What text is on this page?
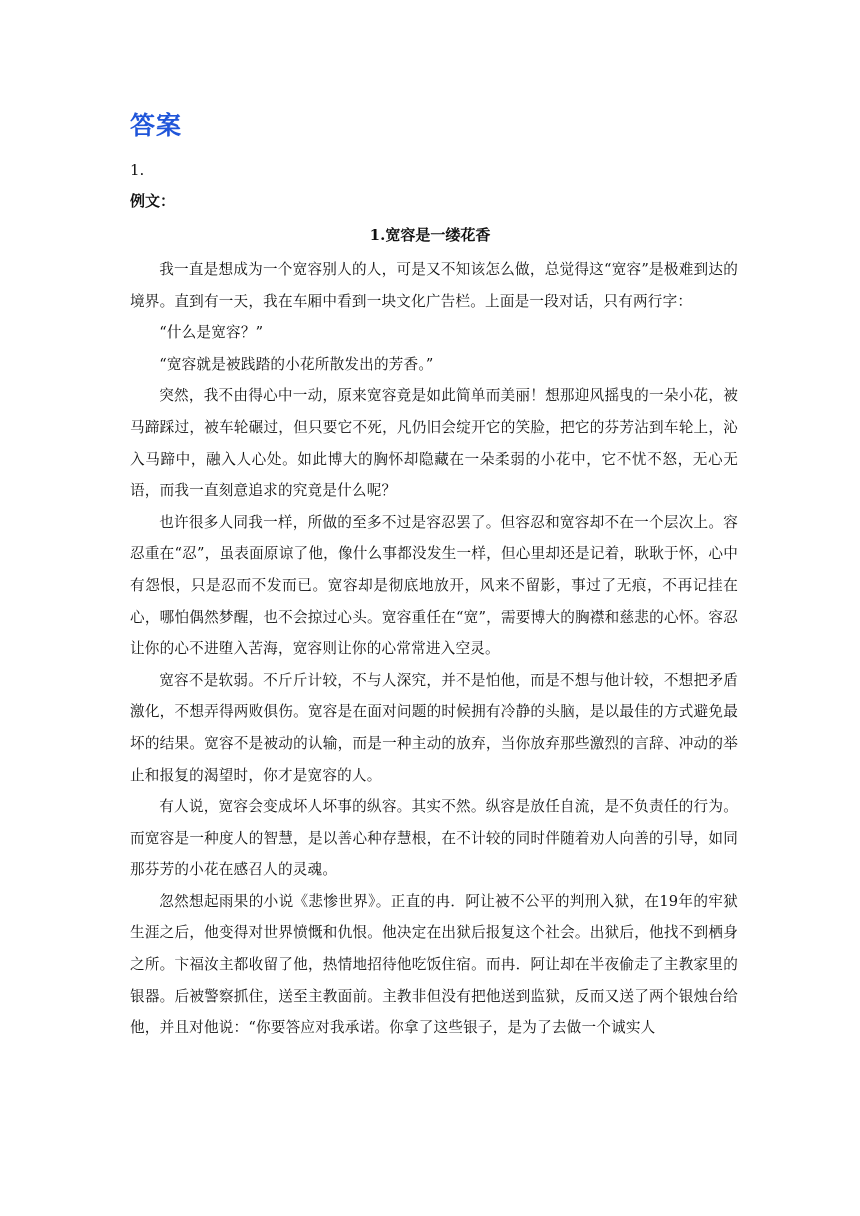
答案
1.
例文：
1.宽容是一缕花香

我一直是想成为一个宽容别人的人，可是又不知该怎么做，总觉得这“宽容”是极难到达的境界。直到有一天，我在车厢中看到一块文化广告栏。上面是一段对话，只有两行字：

“什么是宽容？”

“宽容就是被践踏的小花所散发出的芳香。”

突然，我不由得心中一动，原来宽容竟是如此简单而美丽！想那迎风摇曳的一朵小花，被马蹄踩过，被车轮碾过，但只要它不死，凡仍旧会绽开它的笑脸，把它的芬芳沾到车轮上，沁入马蹄中，融入人心处。如此博大的胸怀却隐藏在一朵柔弱的小花中，它不忧不怒，无心无语，而我一直刻意追求的究竟是什么呢？

也许很多人同我一样，所做的至多不过是容忍罢了。但容忍和宽容却不在一个层次上。容忍重在“忍”，虽表面原谅了他，像什么事都没发生一样，但心里却还是记着，耿耿于怀，心中有怨恨，只是忍而不发而已。宽容却是彻底地放开，风来不留影，事过了无痕，不再记挂在心，哪怕偶然梦醒，也不会掠过心头。宽容重任在“宽”，需要博大的胸襟和慈悲的心怀。容忍让你的心不进堕入苦海，宽容则让你的心常常进入空灵。

宽容不是软弱。不斤斤计较，不与人深究，并不是怕他，而是不想与他计较，不想把矛盾激化，不想弄得两败俱伤。宽容是在面对问题的时候拥有冷静的头脑，是以最佳的方式避免最坏的结果。宽容不是被动的认输，而是一种主动的放弃，当你放弃那些激烈的言辞、冲动的举止和报复的渴望时，你才是宽容的人。

有人说，宽容会变成坏人坏事的纵容。其实不然。纵容是放任自流，是不负责任的行为。而宽容是一种度人的智慧，是以善心种存慧根，在不计较的同时伴随着劝人向善的引导，如同那芬芳的小花在感召人的灵魂。

忽然想起雨果的小说《悲惨世界》。正直的冉．阿让被不公平的判刑入狱，在19年的牢狱生涯之后，他变得对世界愤慨和仇恨。他决定在出狱后报复这个社会。出狱后，他找不到栖身之所。卞福汝主都收留了他，热情地招待他吃饭住宿。而冉．阿让却在半夜偷走了主教家里的银器。后被警察抓住，送至主教面前。主教非但没有把他送到监狱，反而又送了两个银烛台给他，并且对他说：“你要答应对我承诺。你拿了这些银子，是为了去做一个诚实人
